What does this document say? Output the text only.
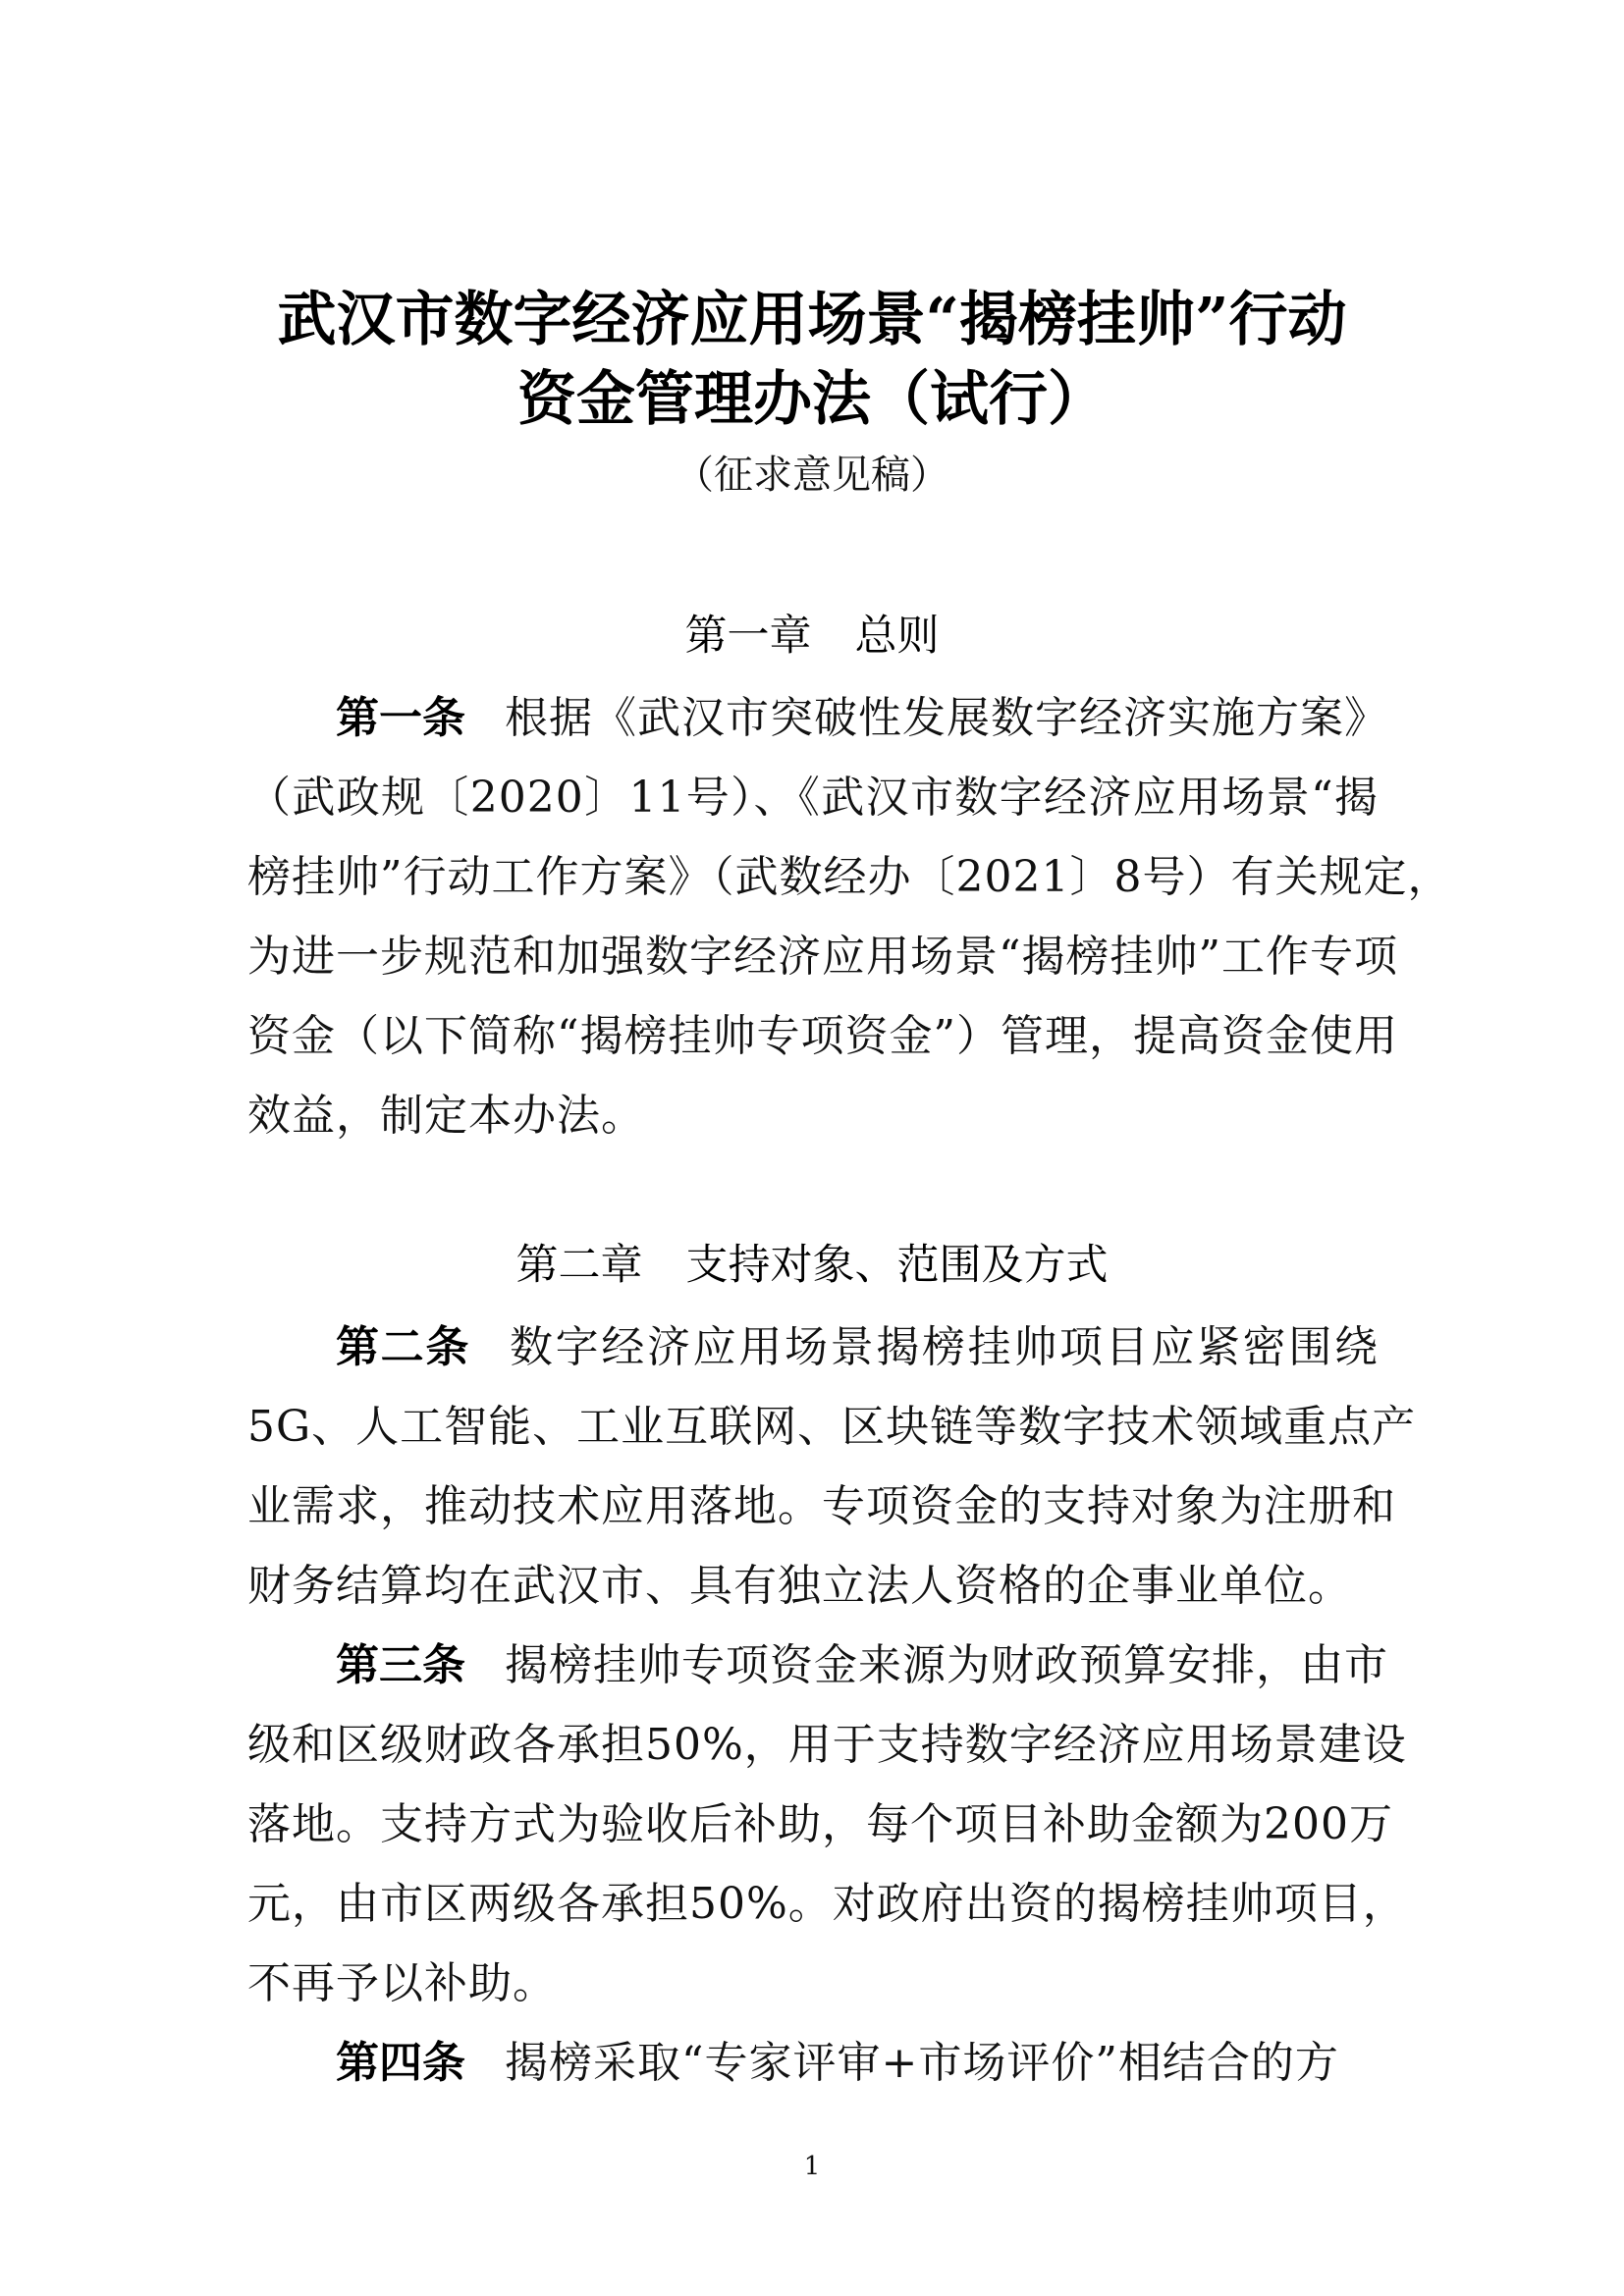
武汉市数字经济应用场景“揭榜挂帅”行动
资金管理办法（试行）
（征求意见稿）
第一章 总则
第一条 根据《武汉市突破性发展数字经济实施方案》
（武政规〔2020〕11号）、《武汉市数字经济应用场景“揭
榜挂帅”行动工作方案》（武数经办〔2021〕8号）有关规定，
为进一步规范和加强数字经济应用场景“揭榜挂帅”工作专项
资金（以下简称“揭榜挂帅专项资金”）管理，提高资金使用
效益，制定本办法。
第二章 支持对象、范围及方式
第二条 数字经济应用场景揭榜挂帅项目应紧密围绕
5G、人工智能、工业互联网、区块链等数字技术领域重点产
业需求，推动技术应用落地。专项资金的支持对象为注册和
财务结算均在武汉市、具有独立法人资格的企事业单位。
第三条 揭榜挂帅专项资金来源为财政预算安排，由市
级和区级财政各承担50%，用于支持数字经济应用场景建设
落地。支持方式为验收后补助，每个项目补助金额为200万
元，由市区两级各承担50%。对政府出资的揭榜挂帅项目，
不再予以补助。
第四条 揭榜采取“专家评审+市场评价”相结合的方
1
